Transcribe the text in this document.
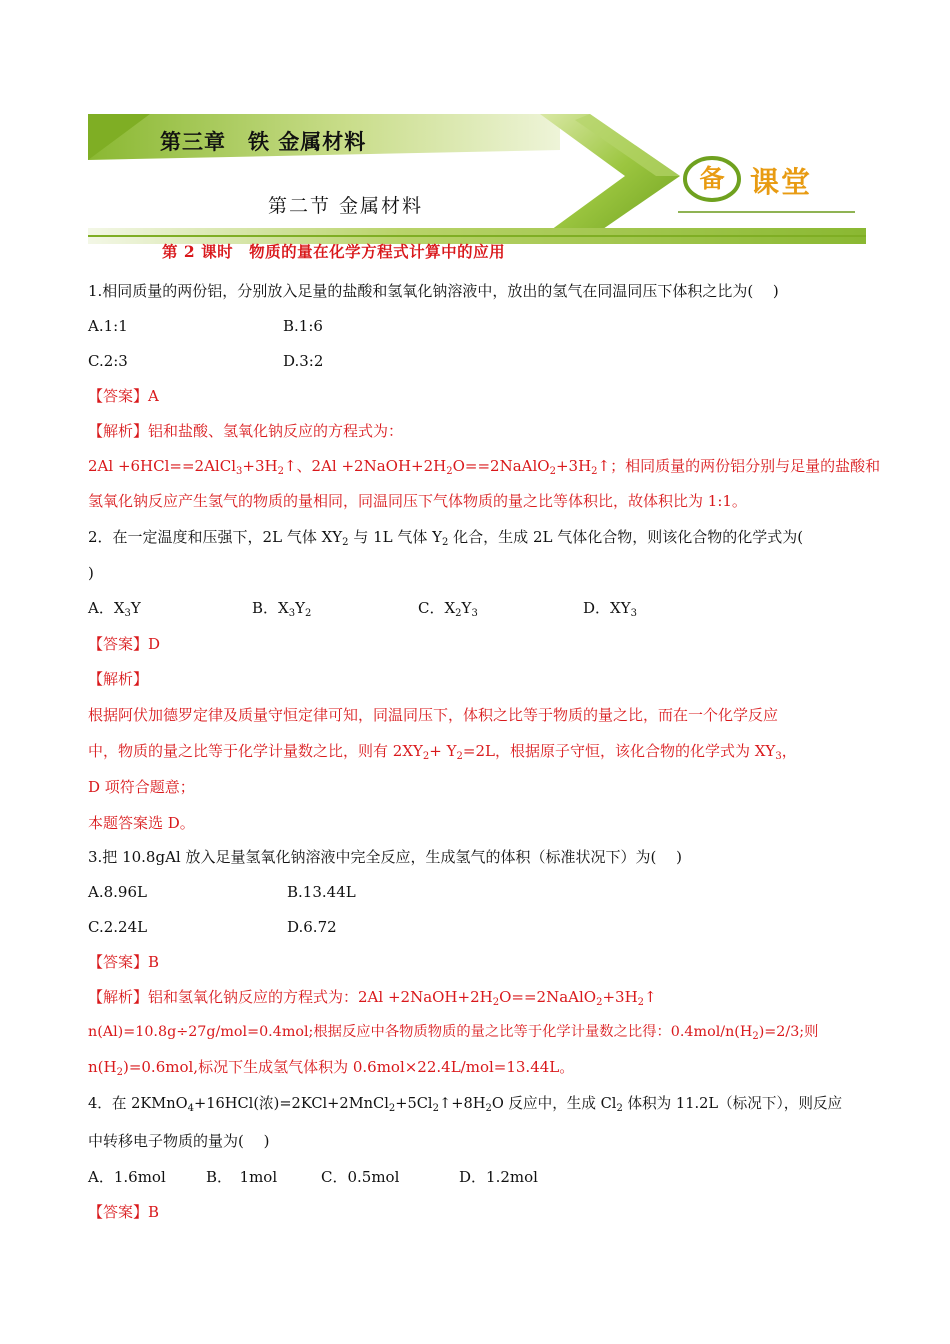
第三章　铁 金属材料
第二节 金属材料
备 课堂
第 2 课时　物质的量在化学方程式计算中的应用
1.相同质量的两份铝，分别放入足量的盐酸和氢氧化钠溶液中，放出的氢气在同温同压下体积之比为(　 )
A.1:1	B.1:6
C.2:3	D.3:2
【答案】A
【解析】铝和盐酸、氢氧化钠反应的方程式为：
$2Al +6HCl==2AlCl_3+3H_2↑$、$2Al +2NaOH+2H_2O==2NaAlO_2+3H_2↑$；相同质量的两份铝分别与足量的盐酸和
氢氧化钠反应产生氢气的物质的量相同，同温同压下气体物质的量之比等体积比，故体积比为 1:1。
2．在一定温度和压强下，2L 气体 $XY_2$ 与 1L 气体 $Y_2$ 化合，生成 2L 气体化合物，则该化合物的化学式为(
)
A．$X_3Y$	B．$X_3Y_2$	C．$X_2Y_3$	D．$XY_3$
【答案】D
【解析】
根据阿伏加德罗定律及质量守恒定律可知，同温同压下，体积之比等于物质的量之比，而在一个化学反应
中，物质的量之比等于化学计量数之比，则有 $2XY_2+ Y_2=2L$，根据原子守恒，该化合物的化学式为 $XY_3$，
D 项符合题意；
本题答案选 D。
3.把 10.8gAl 放入足量氢氧化钠溶液中完全反应，生成氢气的体积（标准状况下）为(　 )
A.8.96L	B.13.44L
C.2.24L	D.6.72
【答案】B
【解析】铝和氢氧化钠反应的方程式为：$2Al +2NaOH+2H_2O==2NaAlO_2+3H_2↑$
n(Al)=10.8g÷27g/mol=0.4mol;根据反应中各物质物质的量之比等于化学计量数之比得：$0.4mol/n(H_2)=2/3$;则
$n(H_2)=0.6mol$,标况下生成氢气体积为 0.6mol×22.4L/mol=13.44L。
4．在 2KMnO$_4$+16HCl(浓)$=2KCl+2MnCl_2+5Cl_2↑+8H_2O$ 反应中，生成 $Cl_2$ 体积为 11.2L（标况下），则反应
中转移电子物质的量为(　 )
A．1.6mol	B．　1mol	C．0.5mol	D．1.2mol
【答案】B
